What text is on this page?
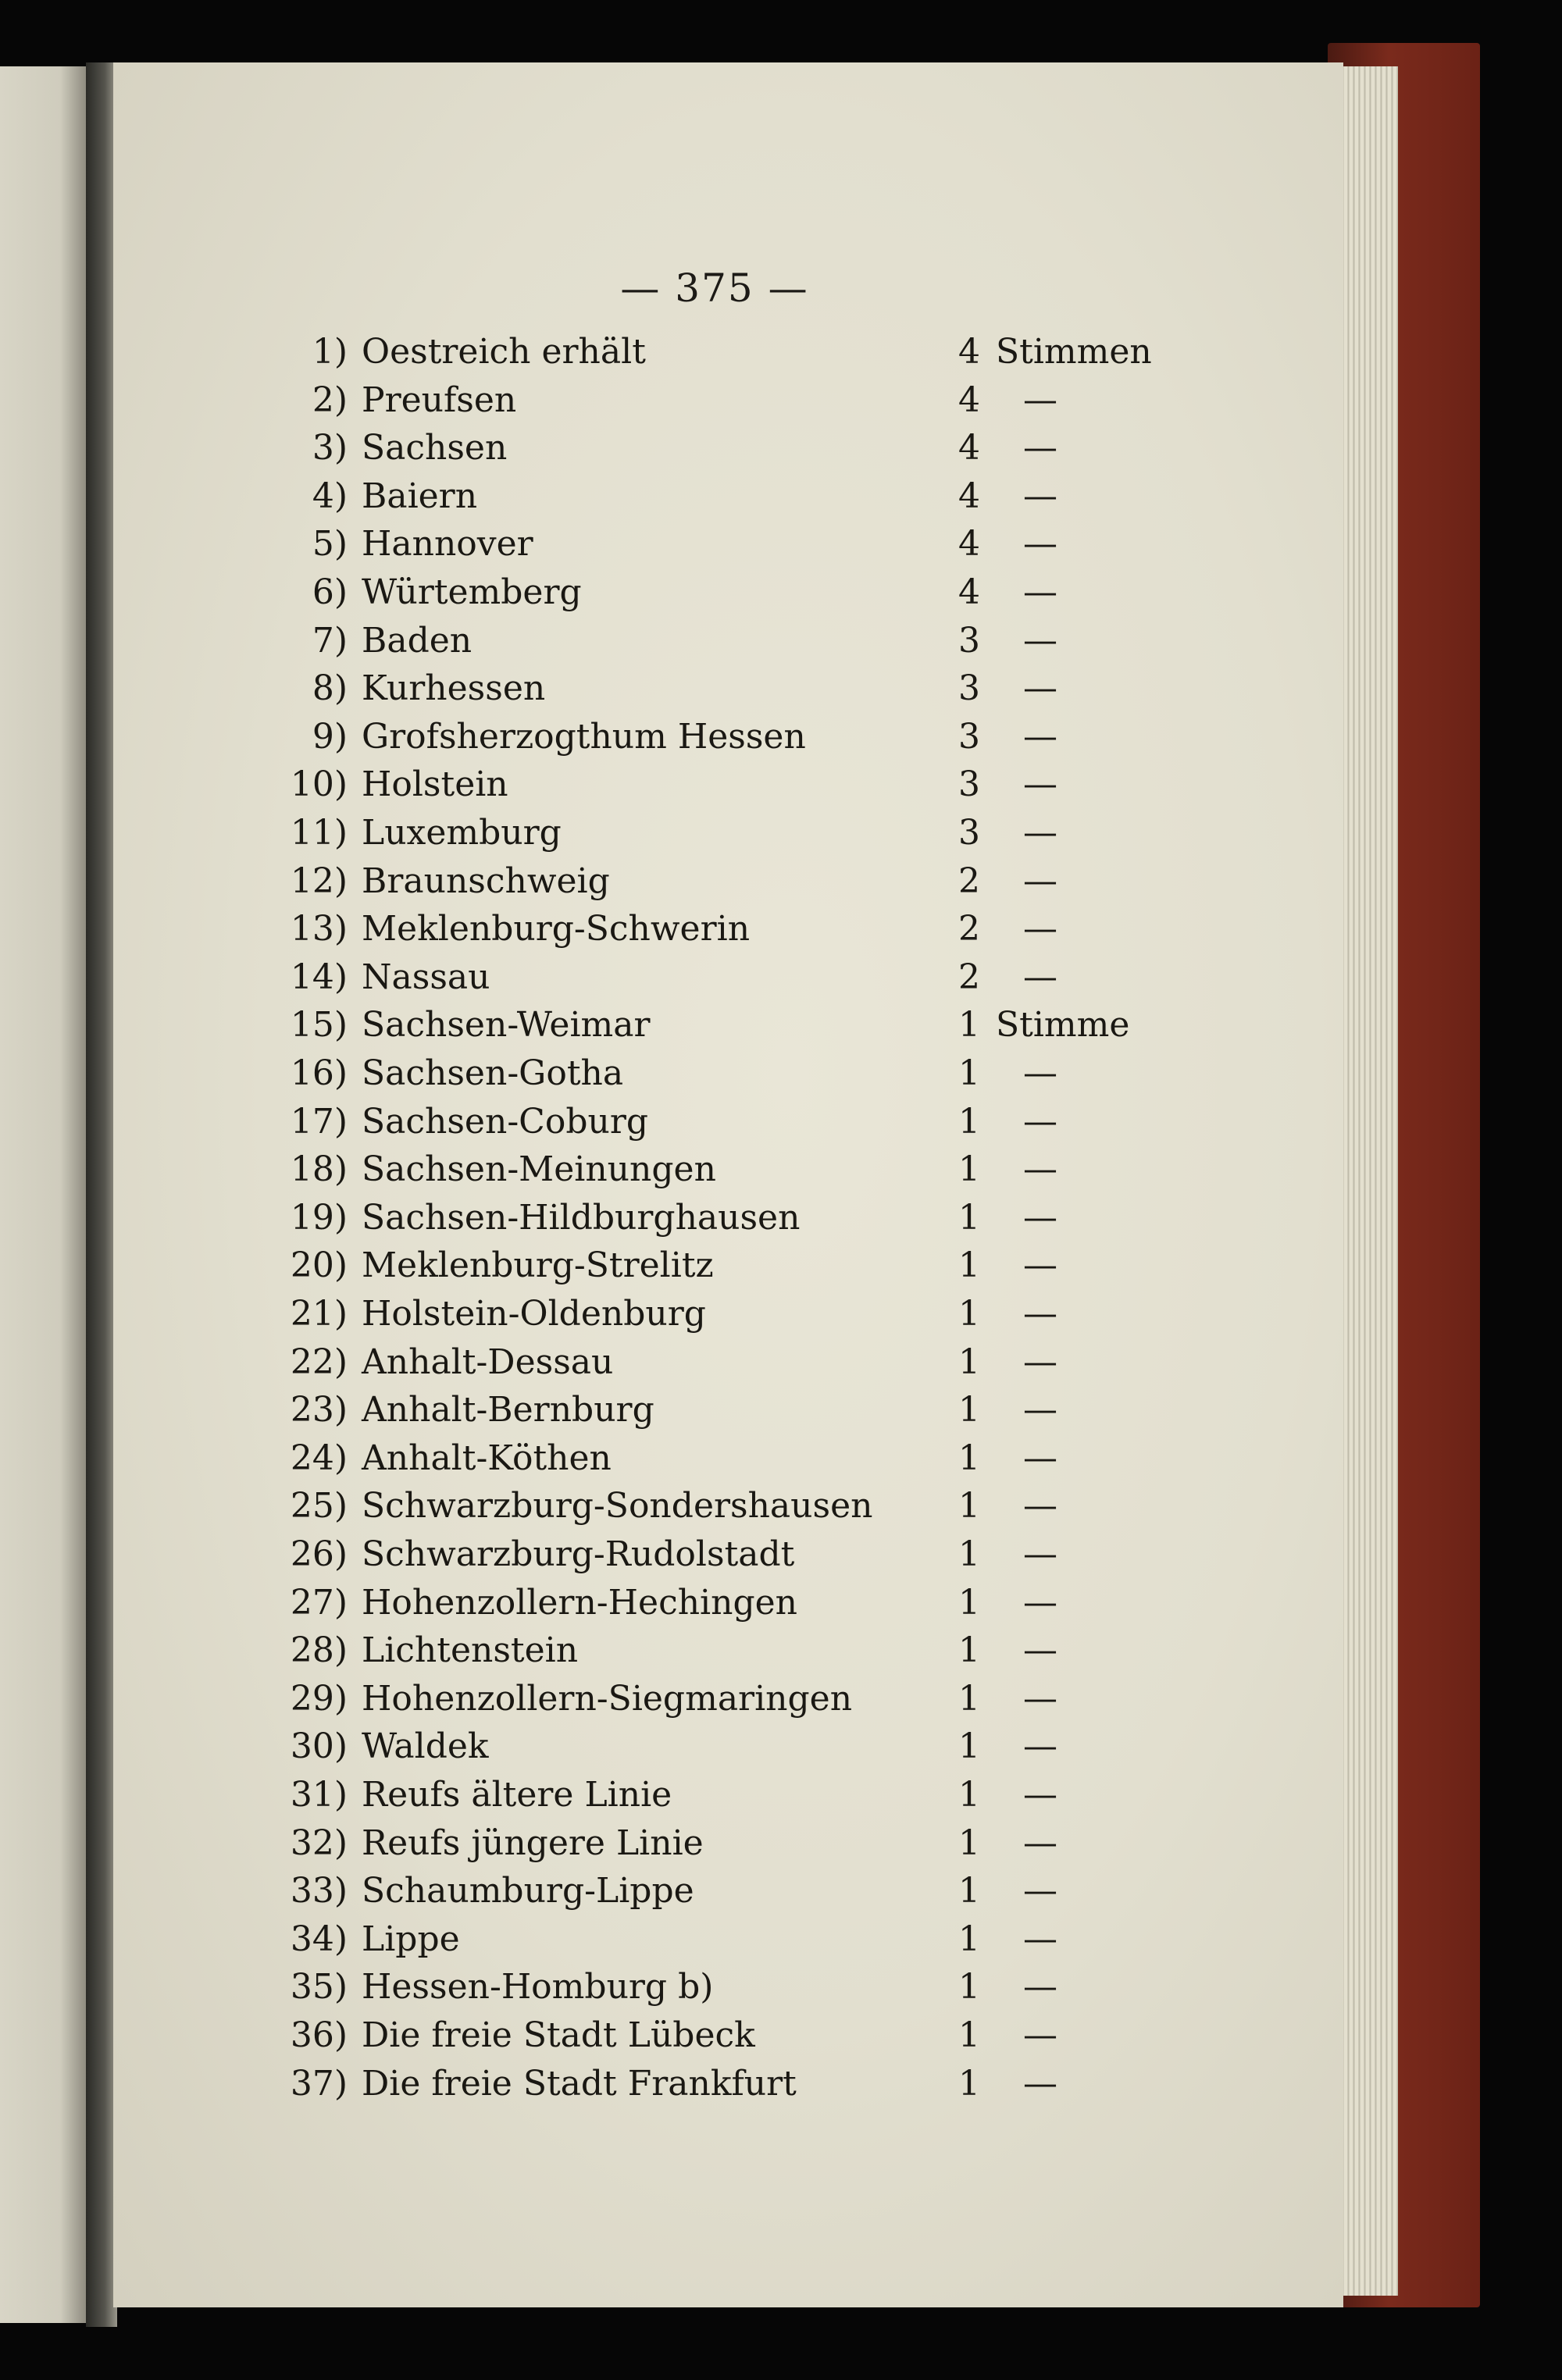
— 375 —
1) Oestreich erhält	4 Stimmen
2) Preufsen	4 —
3) Sachsen	4 —
4) Baiern	4 —
5) Hannover	4 —
6) Würtemberg	4 —
7) Baden	3 —
8) Kurhessen	3 —
9) Grofsherzogthum Hessen	3 —
10) Holstein	3 —
11) Luxemburg	3 —
12) Braunschweig	2 —
13) Meklenburg-Schwerin	2 —
14) Nassau	2 —
15) Sachsen-Weimar	1 Stimme
16) Sachsen-Gotha	1 —
17) Sachsen-Coburg	1 —
18) Sachsen-Meinungen	1 —
19) Sachsen-Hildburghausen	1 —
20) Meklenburg-Strelitz	1 —
21) Holstein-Oldenburg	1 —
22) Anhalt-Dessau	1 —
23) Anhalt-Bernburg	1 —
24) Anhalt-Köthen	1 —
25) Schwarzburg-Sondershausen	1 —
26) Schwarzburg-Rudolstadt	1 —
27) Hohenzollern-Hechingen	1 —
28) Lichtenstein	1 —
29) Hohenzollern-Siegmaringen	1 —
30) Waldek	1 —
31) Reufs ältere Linie	1 —
32) Reufs jüngere Linie	1 —
33) Schaumburg-Lippe	1 —
34) Lippe	1 —
35) Hessen-Homburg b)	1 —
36) Die freie Stadt Lübeck	1 —
37) Die freie Stadt Frankfurt	1 —
